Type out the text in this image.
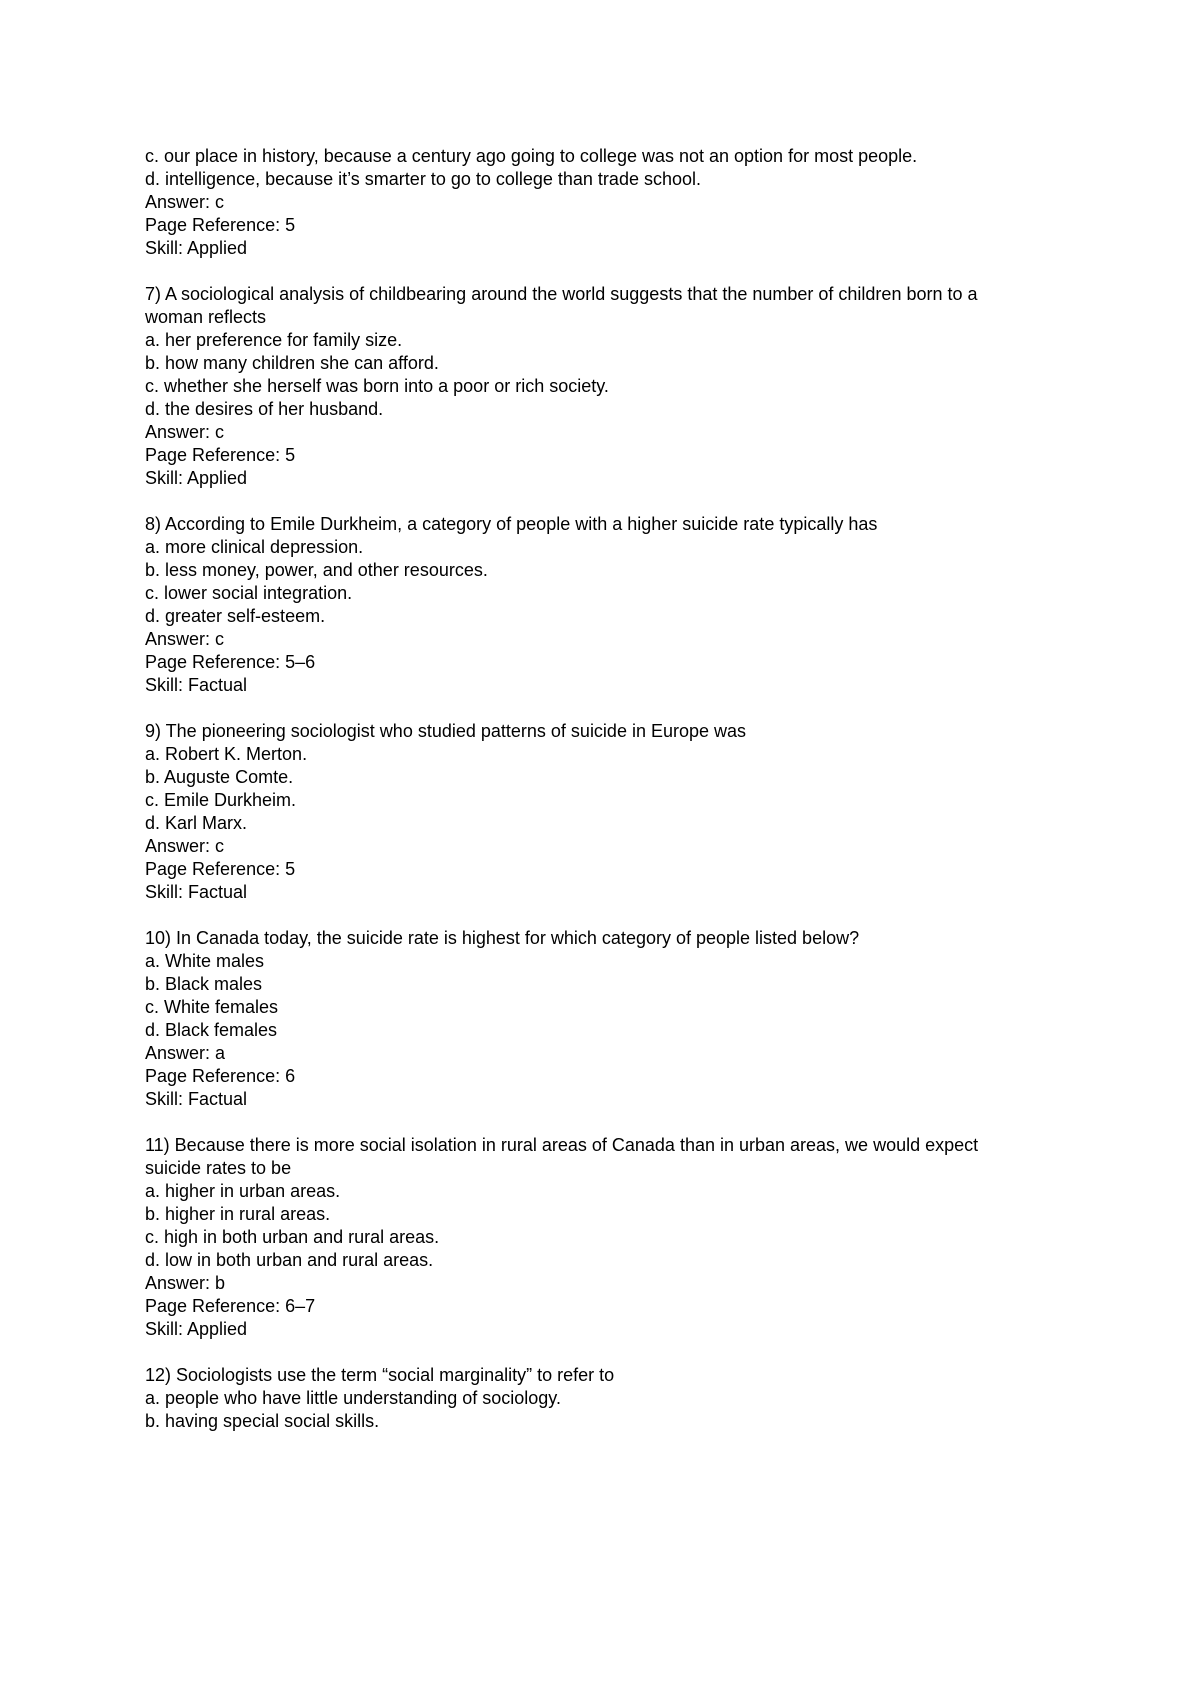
c. our place in history, because a century ago going to college was not an option for most people.
d. intelligence, because it’s smarter to go to college than trade school.
Answer: c
Page Reference: 5
Skill: Applied
7) A sociological analysis of childbearing around the world suggests that the number of children born to a
woman reflects
a. her preference for family size.
b. how many children she can afford.
c. whether she herself was born into a poor or rich society.
d. the desires of her husband.
Answer: c
Page Reference: 5
Skill: Applied
8) According to Emile Durkheim, a category of people with a higher suicide rate typically has
a. more clinical depression.
b. less money, power, and other resources.
c. lower social integration.
d. greater self-esteem.
Answer: c
Page Reference: 5–6
Skill: Factual
9) The pioneering sociologist who studied patterns of suicide in Europe was
a. Robert K. Merton.
b. Auguste Comte.
c. Emile Durkheim.
d. Karl Marx.
Answer: c
Page Reference: 5
Skill: Factual
10) In Canada today, the suicide rate is highest for which category of people listed below?
a. White males
b. Black males
c. White females
d. Black females
Answer: a
Page Reference: 6
Skill: Factual
11) Because there is more social isolation in rural areas of Canada than in urban areas, we would expect
suicide rates to be
a. higher in urban areas.
b. higher in rural areas.
c. high in both urban and rural areas.
d. low in both urban and rural areas.
Answer: b
Page Reference: 6–7
Skill: Applied
12) Sociologists use the term “social marginality” to refer to
a. people who have little understanding of sociology.
b. having special social skills.
